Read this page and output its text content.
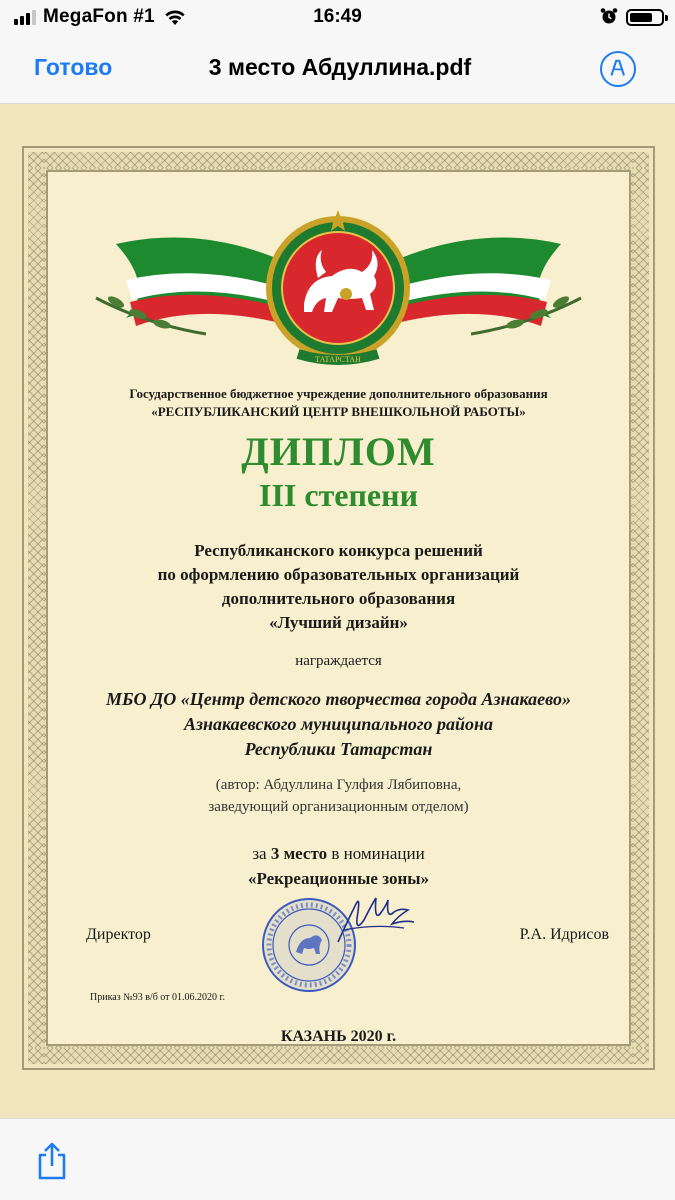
MegaFon #1	16:49
Готово	3 место Абдуллина.pdf
ТАТАРСТАН
Государственное бюджетное учреждение дополнительного образования
«РЕСПУБЛИКАНСКИЙ ЦЕНТР ВНЕШКОЛЬНОЙ РАБОТЫ»
ДИПЛОМ
III степени
Республиканского конкурса решений
по оформлению образовательных организаций
дополнительного образования
«Лучший дизайн»
награждается
МБО ДО «Центр детского творчества города Азнакаево»
Азнакаевского муниципального района
Республики Татарстан
(автор: Абдуллина Гулфия Лябиповна,
заведующий организационным отделом)
за 3 место в номинации
«Рекреационные зоны»
Директор	Р.А. Идрисов
Приказ №93 в/б от 01.06.2020 г.
КАЗАНЬ 2020 г.
